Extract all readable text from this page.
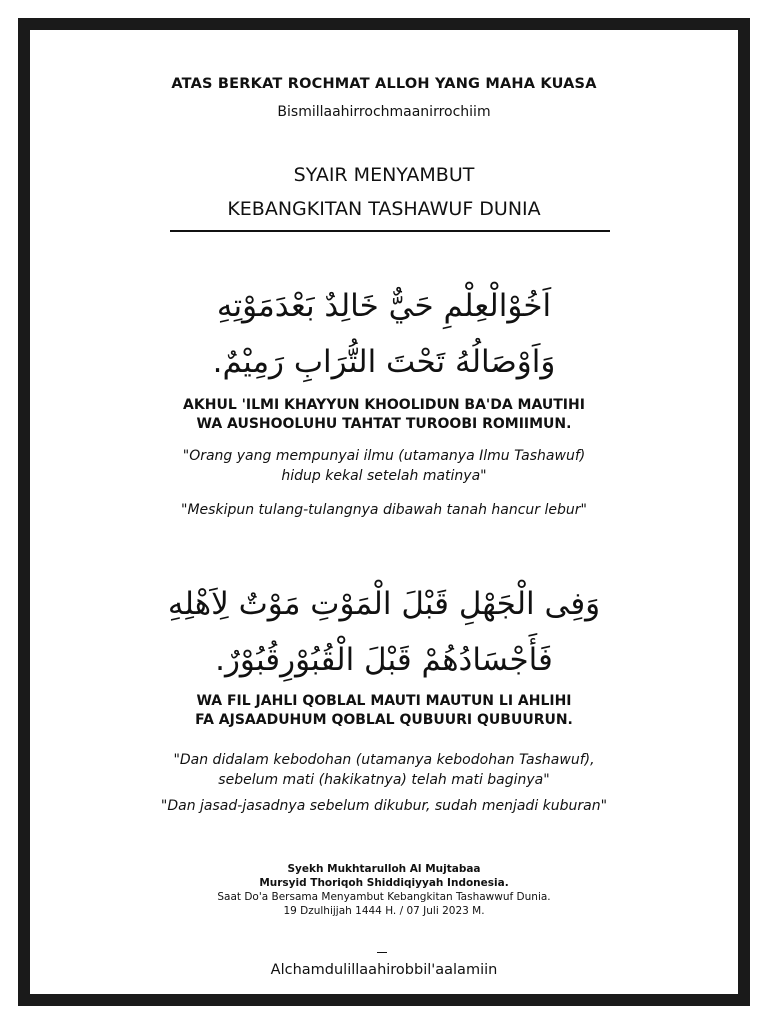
ATAS BERKAT ROCHMAT ALLOH YANG MAHA KUASA
Bismillaahirrochmaanirrochiim
SYAIR MENYAMBUT
KEBANGKITAN TASHAWUF DUNIA
اَخُوْالْعِلْمِ حَيٌّ خَالِدٌ بَعْدَمَوْتِهِ
وَاَوْصَالُهُ تَحْتَ التُّرَابِ رَمِيْمٌ.
AKHUL 'ILMI KHAYYUN KHOOLIDUN BA'DA MAUTIHI
WA AUSHOOLUHU TAHTAT TUROOBI ROMIIMUN.
"Orang yang mempunyai ilmu (utamanya Ilmu Tashawuf)
hidup kekal setelah matinya"
"Meskipun tulang-tulangnya dibawah tanah hancur lebur"
وَفِى الْجَهْلِ قَبْلَ الْمَوْتِ مَوْتٌ لِاَهْلِهِ
فَأَجْسَادُهُمْ قَبْلَ الْقُبُوْرِقُبُوْرٌ.
WA FIL JAHLI QOBLAL MAUTI MAUTUN LI AHLIHI
FA AJSAADUHUM QOBLAL QUBUURI QUBUURUN.
"Dan didalam kebodohan (utamanya kebodohan Tashawuf),
sebelum mati (hakikatnya) telah mati baginya"
"Dan jasad-jasadnya sebelum dikubur, sudah menjadi kuburan"
Syekh Mukhtarulloh Al Mujtabaa
Mursyid Thoriqoh Shiddiqiyyah Indonesia.
Saat Do'a Bersama Menyambut Kebangkitan Tashawwuf Dunia.
19 Dzulhijjah 1444 H. / 07 Juli 2023 M.
Alchamdulillaahirobbil'aalamiin
